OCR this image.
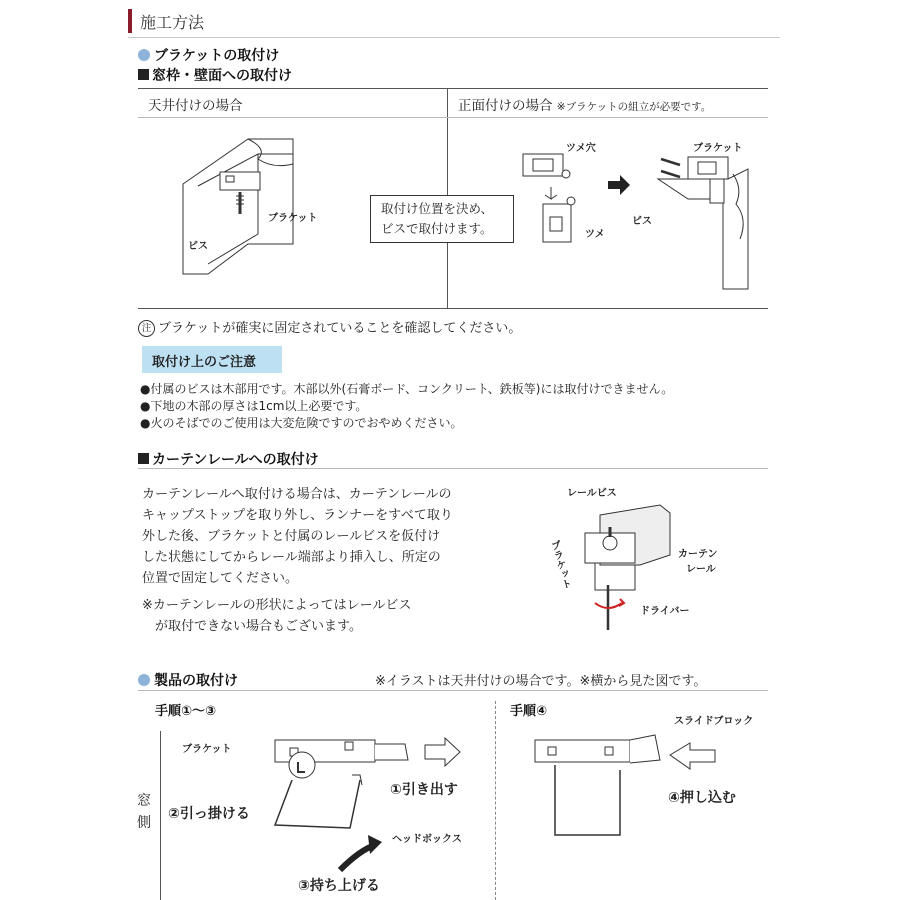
施工方法
ブラケットの取付け
窓枠・壁面への取付け
天井付けの場合	正面付けの場合 ※ブラケットの組立が必要です。
ブラケット
ビス
取付け位置を決め、
ビスで取付けます。
ツメ穴
ツメ
ブラケット
ビス
注 ブラケットが確実に固定されていることを確認してください。
取付け上のご注意
●付属のビスは木部用です。木部以外(石膏ボード、コンクリート、鉄板等)には取付けできません。
●下地の木部の厚さは1cm以上必要です。
●火のそばでのご使用は大変危険ですのでおやめください。
カーテンレールへの取付け
カーテンレールへ取付ける場合は、カーテンレールの
キャップストップを取り外し、ランナーをすべて取り
外した後、ブラケットと付属のレールビスを仮付け
した状態にしてからレール端部より挿入し、所定の
位置で固定してください。
※カーテンレールの形状によってはレールビス
　が取付できない場合もございます。
レールビス
カーテン
レール
ブラケット
ドライバー
製品の取付け	※イラストは天井付けの場合です。※横から見た図です。
手順①～③	手順④
窓
側
ブラケット
①引き出す
②引っ掛ける
ヘッドボックス
③持ち上げる
スライドブロック
④押し込む
